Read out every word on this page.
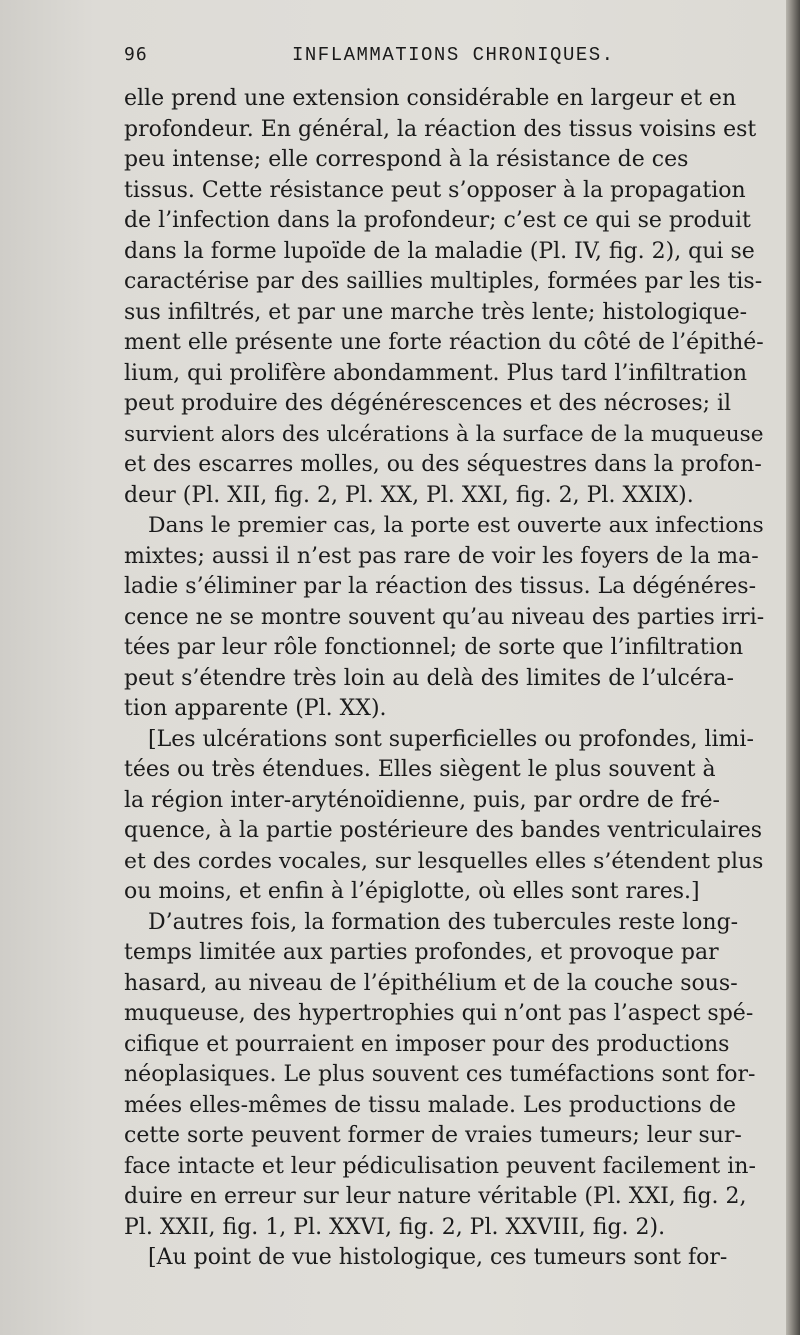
96	INFLAMMATIONS CHRONIQUES.
elle prend une extension considérable en largeur et en
profondeur. En général, la réaction des tissus voisins est
peu intense; elle correspond à la résistance de ces
tissus. Cette résistance peut s’opposer à la propagation
de l’infection dans la profondeur; c’est ce qui se produit
dans la forme lupoïde de la maladie (Pl. IV, fig. 2), qui se
caractérise par des saillies multiples, formées par les tis-
sus infiltrés, et par une marche très lente; histologique-
ment elle présente une forte réaction du côté de l’épithé-
lium, qui prolifère abondamment. Plus tard l’infiltration
peut produire des dégénérescences et des nécroses; il
survient alors des ulcérations à la surface de la muqueuse
et des escarres molles, ou des séquestres dans la profon-
deur (Pl. XII, fig. 2, Pl. XX, Pl. XXI, fig. 2, Pl. XXIX).
Dans le premier cas, la porte est ouverte aux infections
mixtes; aussi il n’est pas rare de voir les foyers de la ma-
ladie s’éliminer par la réaction des tissus. La dégénéres-
cence ne se montre souvent qu’au niveau des parties irri-
tées par leur rôle fonctionnel; de sorte que l’infiltration
peut s’étendre très loin au delà des limites de l’ulcéra-
tion apparente (Pl. XX).
[Les ulcérations sont superficielles ou profondes, limi-
tées ou très étendues. Elles siègent le plus souvent à
la région inter-aryténoïdienne, puis, par ordre de fré-
quence, à la partie postérieure des bandes ventriculaires
et des cordes vocales, sur lesquelles elles s’étendent plus
ou moins, et enfin à l’épiglotte, où elles sont rares.]
D’autres fois, la formation des tubercules reste long-
temps limitée aux parties profondes, et provoque par
hasard, au niveau de l’épithélium et de la couche sous-
muqueuse, des hypertrophies qui n’ont pas l’aspect spé-
cifique et pourraient en imposer pour des productions
néoplasiques. Le plus souvent ces tuméfactions sont for-
mées elles-mêmes de tissu malade. Les productions de
cette sorte peuvent former de vraies tumeurs; leur sur-
face intacte et leur pédiculisation peuvent facilement in-
duire en erreur sur leur nature véritable (Pl. XXI, fig. 2,
Pl. XXII, fig. 1, Pl. XXVI, fig. 2, Pl. XXVIII, fig. 2).
[Au point de vue histologique, ces tumeurs sont for-
